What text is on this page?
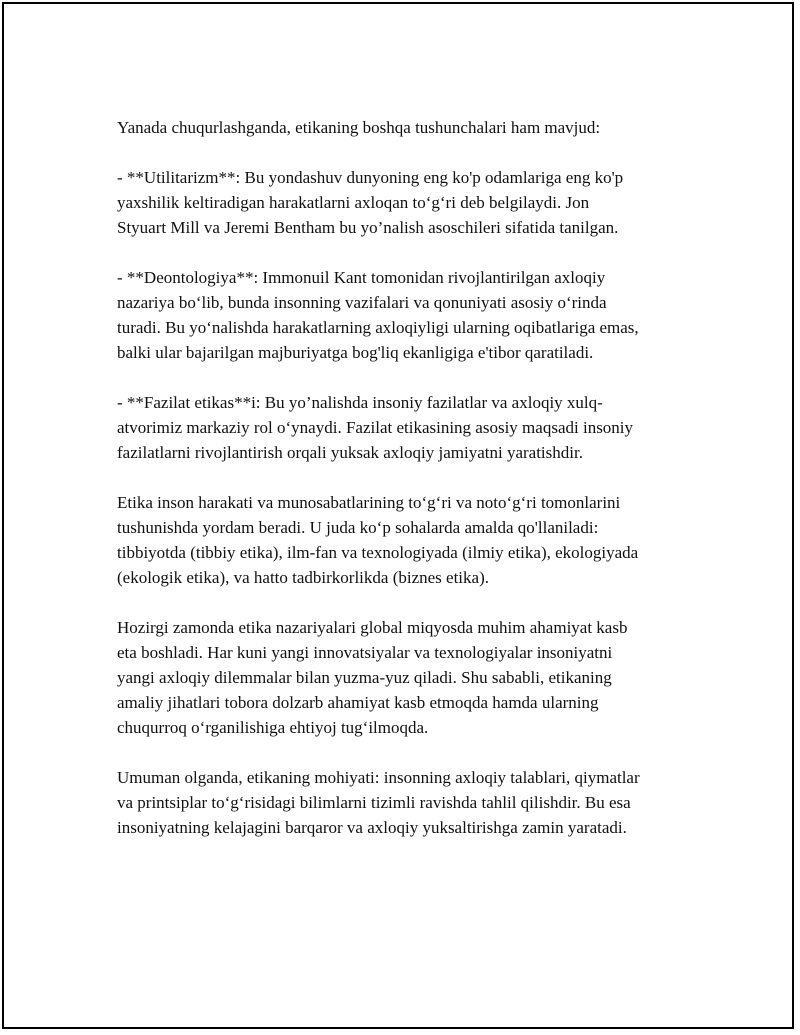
Yanada chuqurlashganda, etikaning boshqa tushunchalari ham mavjud:

- **Utilitarizm**: Bu yondashuv dunyoning eng ko'p odamlariga eng ko'p
yaxshilik keltiradigan harakatlarni axloqan to‘g‘ri deb belgilaydi. Jon
Styuart Mill va Jeremi Bentham bu yo’nalish asoschileri sifatida tanilgan.

- **Deontologiya**: Immonuil Kant tomonidan rivojlantirilgan axloqiy
nazariya bo‘lib, bunda insonning vazifalari va qonuniyati asosiy o‘rinda
turadi. Bu yo‘nalishda harakatlarning axloqiyligi ularning oqibatlariga emas,
balki ular bajarilgan majburiyatga bog'liq ekanligiga e'tibor qaratiladi.

- **Fazilat etikas**i: Bu yo’nalishda insoniy fazilatlar va axloqiy xulq-
atvorimiz markaziy rol o‘ynaydi. Fazilat etikasining asosiy maqsadi insoniy
fazilatlarni rivojlantirish orqali yuksak axloqiy jamiyatni yaratishdir.

Etika inson harakati va munosabatlarining to‘g‘ri va noto‘g‘ri tomonlarini
tushunishda yordam beradi. U juda ko‘p sohalarda amalda qo'llaniladi:
tibbiyotda (tibbiy etika), ilm-fan va texnologiyada (ilmiy etika), ekologiyada
(ekologik etika), va hatto tadbirkorlikda (biznes etika).

Hozirgi zamonda etika nazariyalari global miqyosda muhim ahamiyat kasb
eta boshladi. Har kuni yangi innovatsiyalar va texnologiyalar insoniyatni
yangi axloqiy dilemmalar bilan yuzma-yuz qiladi. Shu sababli, etikaning
amaliy jihatlari tobora dolzarb ahamiyat kasb etmoqda hamda ularning
chuqurroq o‘rganilishiga ehtiyoj tug‘ilmoqda.

Umuman olganda, etikaning mohiyati: insonning axloqiy talablari, qiymatlar
va printsiplar to‘g‘risidagi bilimlarni tizimli ravishda tahlil qilishdir. Bu esa
insoniyatning kelajagini barqaror va axloqiy yuksaltirishga zamin yaratadi.
